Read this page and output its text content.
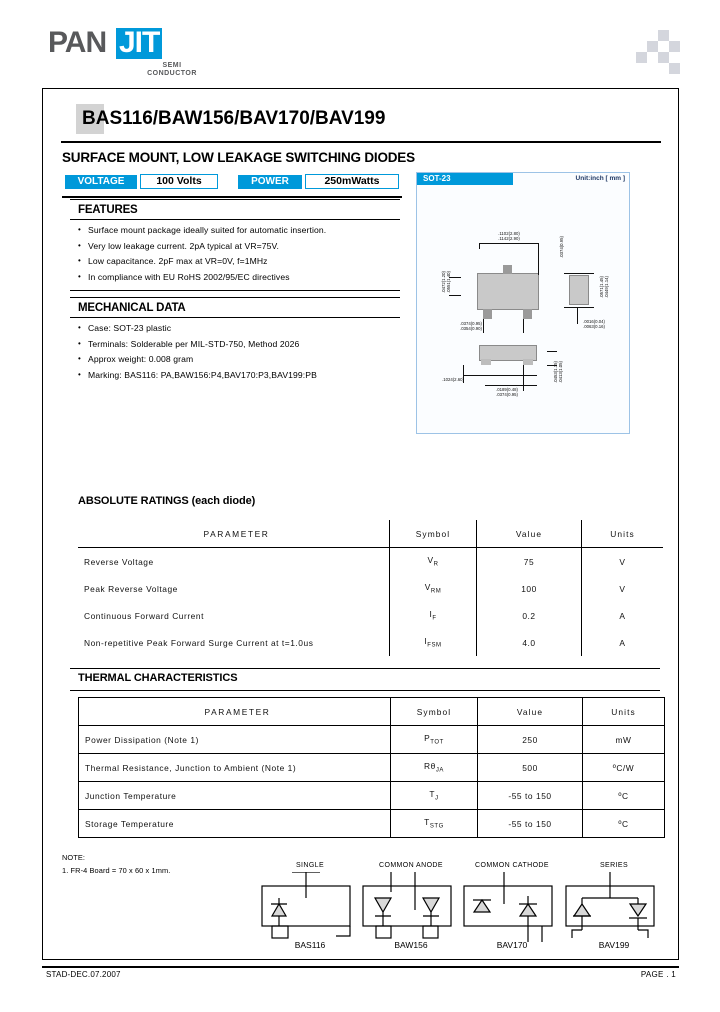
PAN JIT
SEMI
CONDUCTOR
BAS116/BAW156/BAV170/BAV199
SURFACE MOUNT, LOW LEAKAGE SWITCHING DIODES
VOLTAGE	100 Volts	POWER	250mWatts
FEATURES
• Surface mount package ideally suited for automatic insertion.
• Very low leakage current. 2pA typical at VR=75V.
• Low capacitance. 2pF max at VR=0V, f=1MHz
• In compliance with EU RoHS 2002/95/EC directives
MECHANICAL DATA
• Case: SOT-23 plastic
• Terminals: Solderable per MIL-STD-750, Method 2026
• Approx weight: 0.008 gram
• Marking: BAS116: PA,BAW156:P4,BAV170:P3,BAV199:PB
SOT-23	Unit:inch [ mm ]
.1102(2.80)
.1142(2.90)
.0472(1.20)
.0551(1.40)
.0374(0.95)
.0354(0.90)
.0374(0.95)
.0571(1.45)
.0449(1.14)
.0016(0.04)
.0063(0.16)
.1024(2.60)
.0189(0.48)
.0374(0.95)
.0453(1.15)
.0413(1.05)
ABSOLUTE RATINGS (each diode)
PARAMETER	Symbol	Value	Units
Reverse Voltage	$V_R$	75	V
Peak Reverse Voltage	$V_{RM}$	100	V
Continuous Forward Current	$I_F$	0.2	A
Non-repetitive Peak Forward Surge Current at t=1.0us	$I_{FSM}$	4.0	A
THERMAL CHARACTERISTICS
PARAMETER	Symbol	Value	Units
Power Dissipation (Note 1)	$P_{TOT}$	250	mW
Thermal Resistance, Junction to Ambient (Note 1)	$R\theta_{JA}$	500	ºC/W
Junction Temperature	$T_J$	-55 to 150	ºC
Storage Temperature	$T_{STG}$	-55 to 150	ºC
NOTE:
1. FR-4 Board = 70 x 60 x 1mm.
SINGLE
BAS116
COMMON ANODE
BAW156
COMMON CATHODE
BAV170
SERIES
BAV199
STAD-DEC.07.2007	PAGE . 1
